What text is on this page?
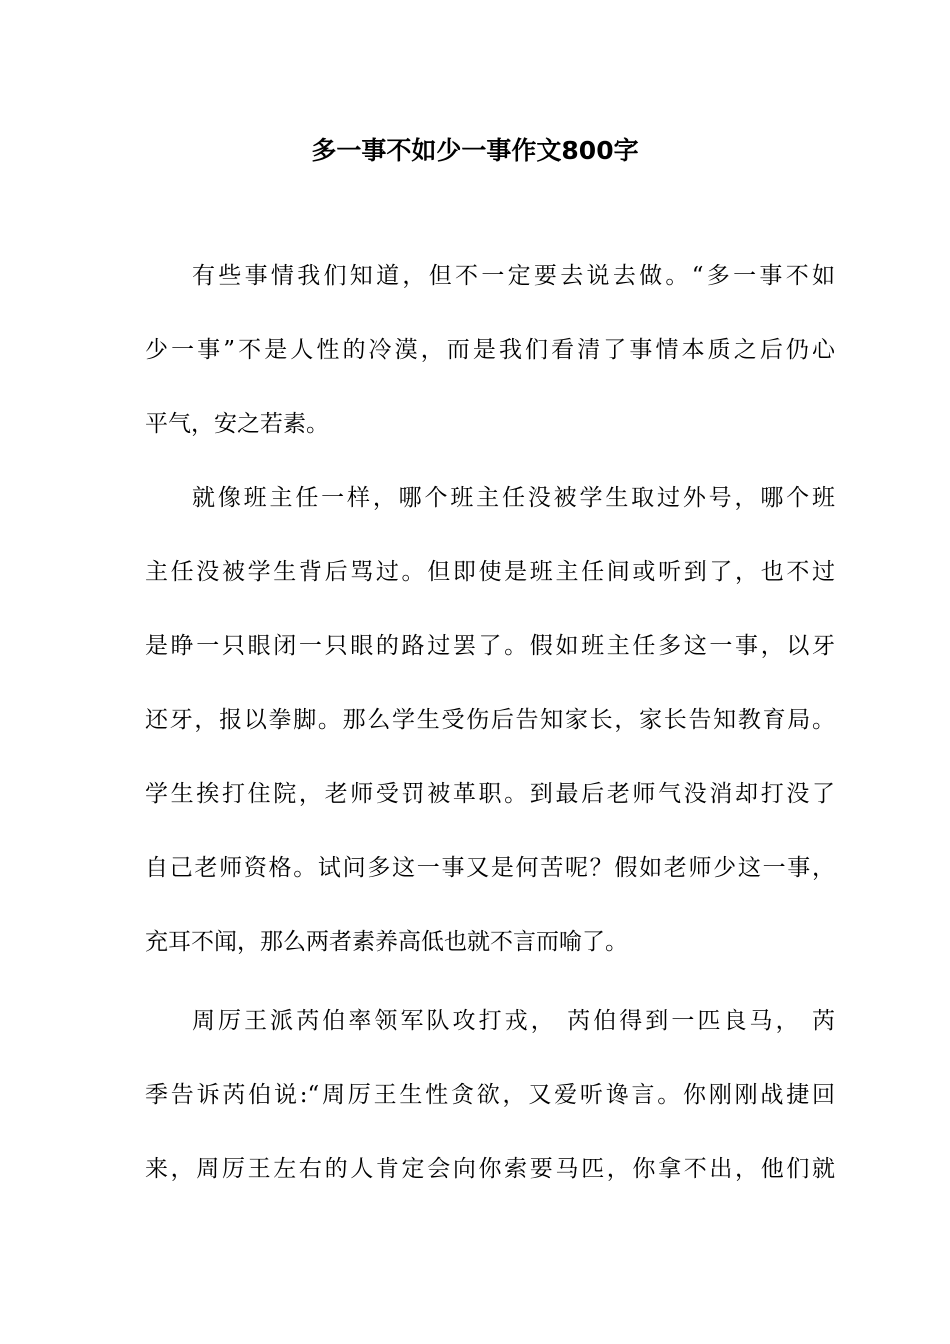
多一事不如少一事作文800字
有些事情我们知道，但不一定要去说去做。“多一事不如
少一事”不是人性的冷漠，而是我们看清了事情本质之后仍心
平气，安之若素。
就像班主任一样，哪个班主任没被学生取过外号，哪个班
主任没被学生背后骂过。但即使是班主任间或听到了，也不过
是睁一只眼闭一只眼的路过罢了。假如班主任多这一事，以牙
还牙，报以拳脚。那么学生受伤后告知家长，家长告知教育局。
学生挨打住院，老师受罚被革职。到最后老师气没消却打没了
自己老师资格。试问多这一事又是何苦呢？假如老师少这一事，
充耳不闻，那么两者素养高低也就不言而喻了。
周厉王派芮伯率领军队攻打戎， 芮伯得到一匹良马， 芮
季告诉芮伯说:“周厉王生性贪欲，又爱听谗言。你刚刚战捷回
来，周厉王左右的人肯定会向你索要马匹，你拿不出，他们就
